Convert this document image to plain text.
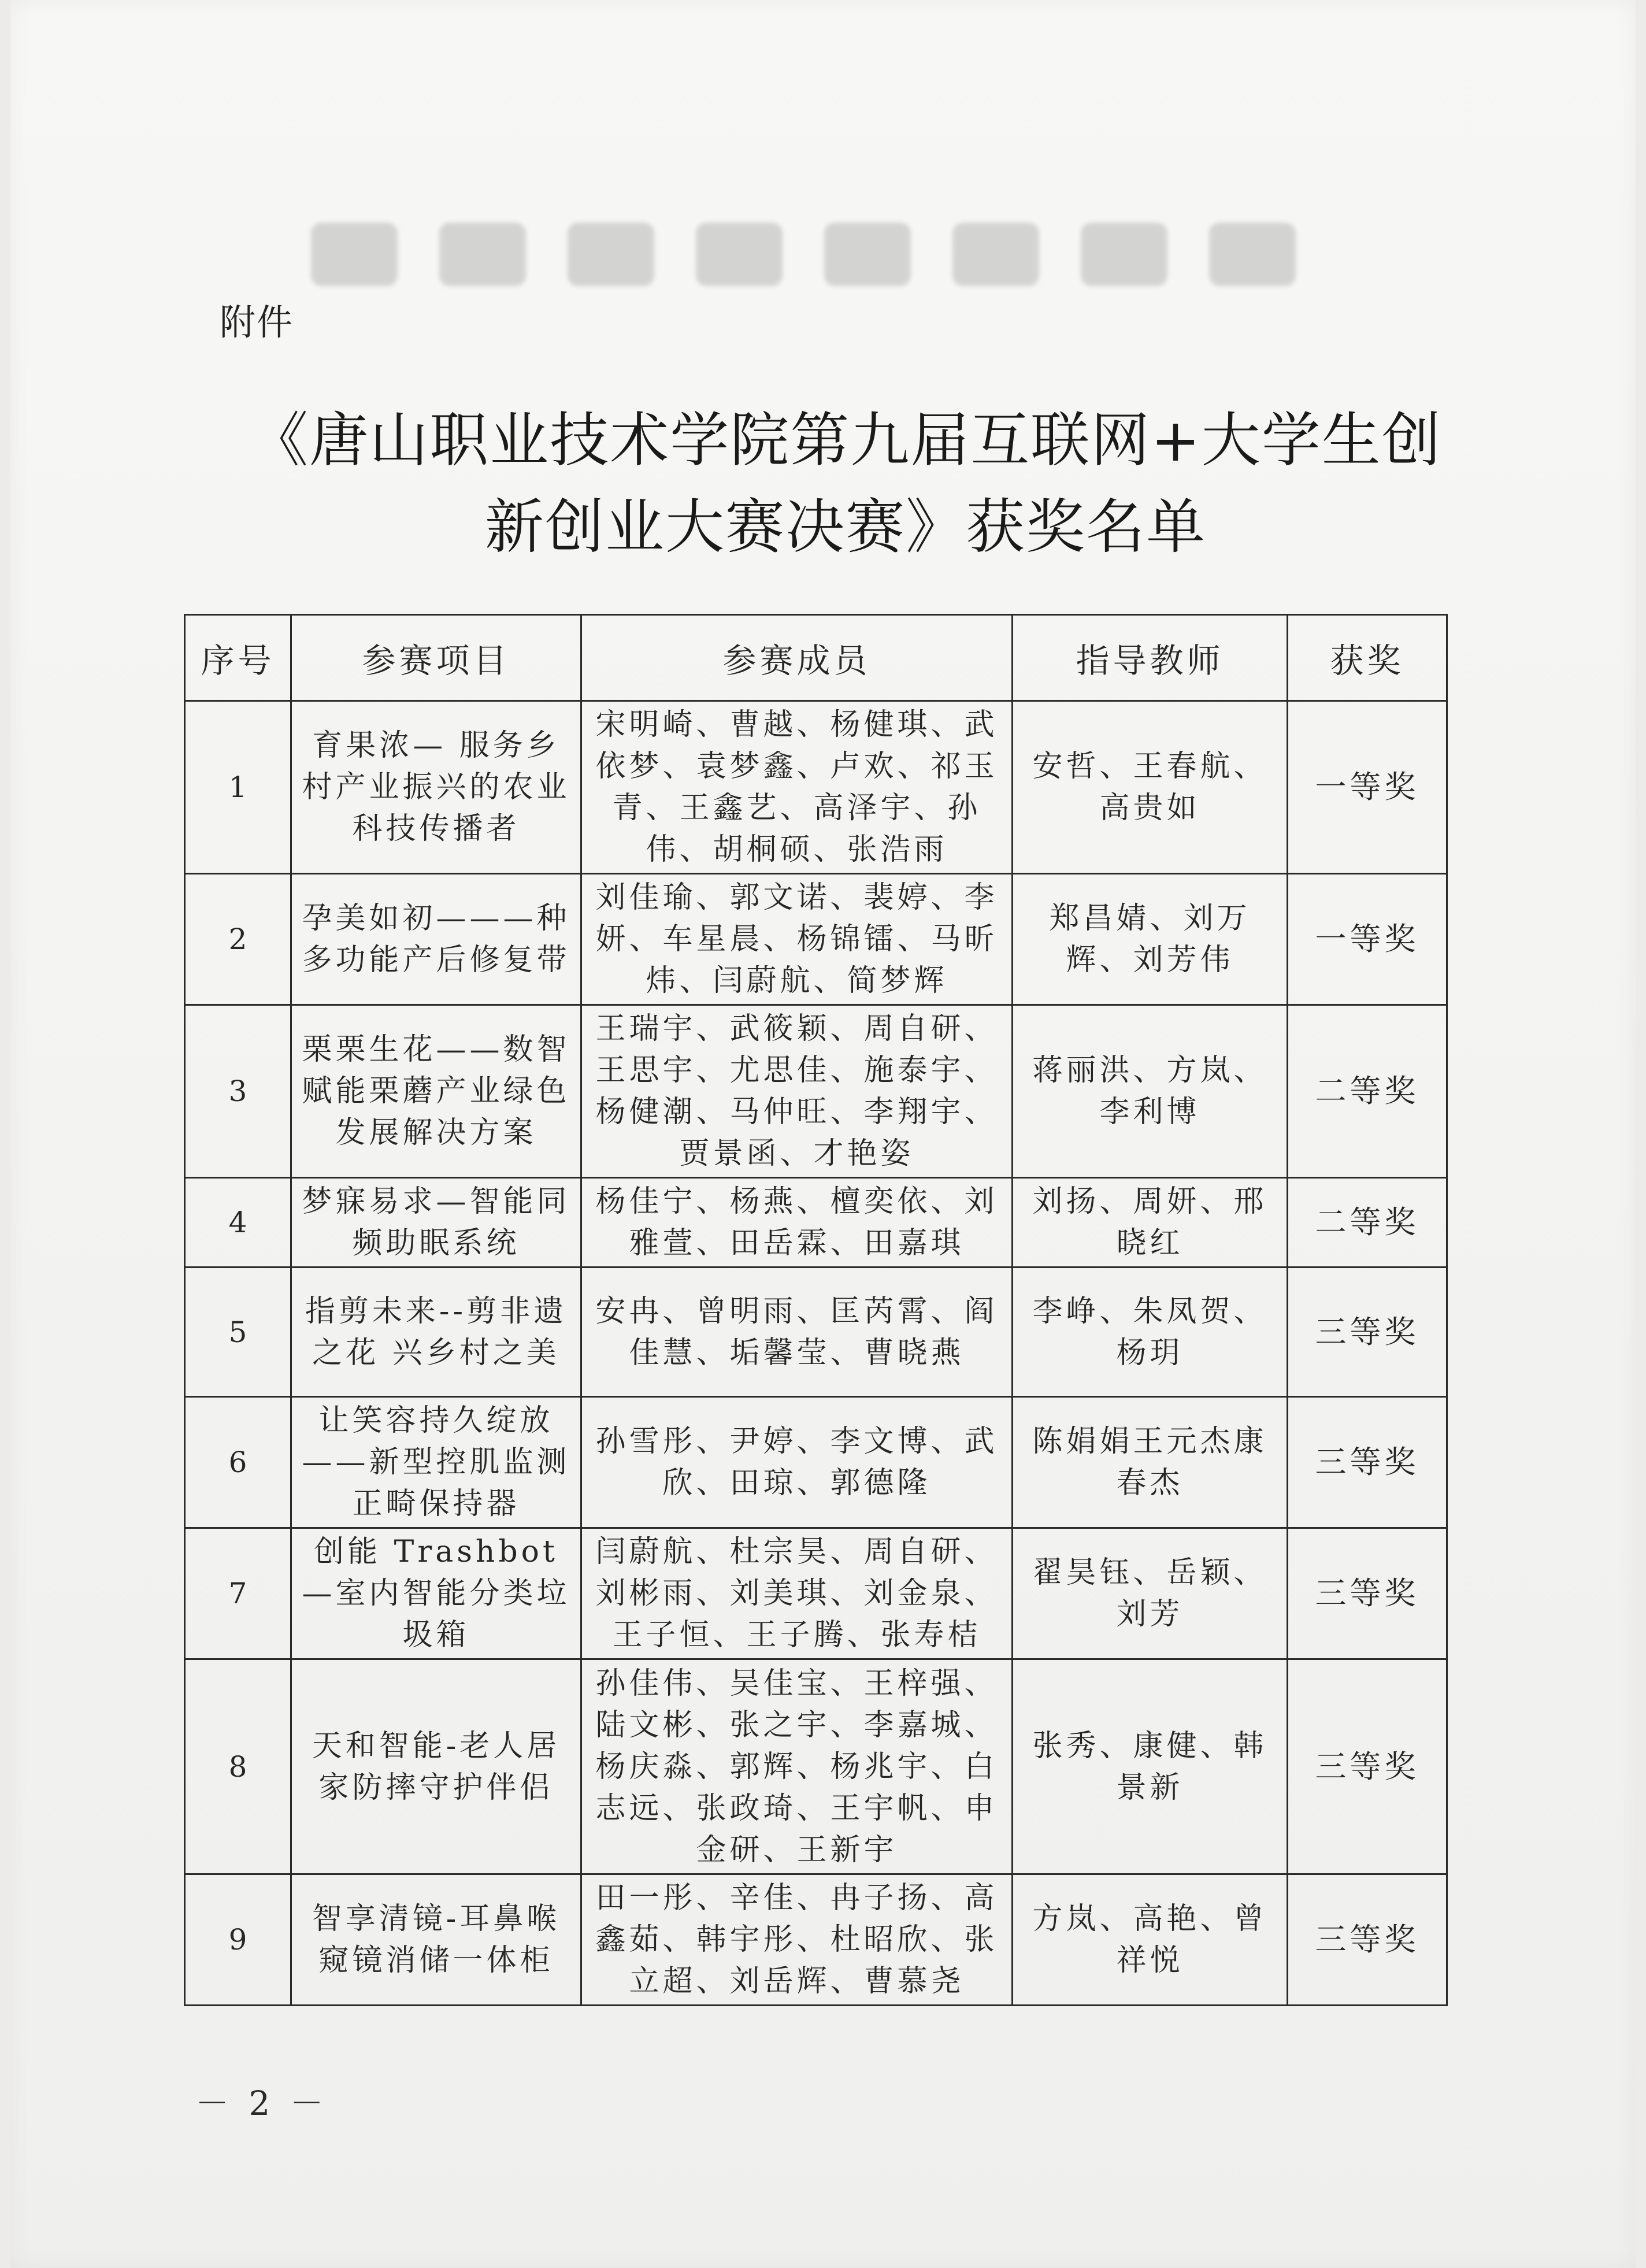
附件
《唐山职业技术学院第九届互联网+大学生创
新创业大赛决赛》获奖名单
序号	参赛项目	参赛成员	指导教师	获奖
1	育果浓— 服务乡村产业振兴的农业科技传播者	宋明崎、曹越、杨健琪、武依梦、袁梦鑫、卢欢、祁玉青、王鑫艺、高泽宇、孙伟、胡桐硕、张浩雨	安哲、王春航、高贵如	一等奖
2	孕美如初———种多功能产后修复带	刘佳瑜、郭文诺、裴婷、李妍、车星晨、杨锦镭、马昕炜、闫蔚航、简梦辉	郑昌婧、刘万辉、刘芳伟	一等奖
3	栗栗生花——数智赋能栗蘑产业绿色发展解决方案	王瑞宇、武筱颖、周自研、王思宇、尤思佳、施泰宇、杨健潮、马仲旺、李翔宇、贾景函、才艳姿	蒋丽洪、方岚、李利博	二等奖
4	梦寐易求—智能同频助眠系统	杨佳宁、杨燕、檀奕依、刘雅萱、田岳霖、田嘉琪	刘扬、周妍、邢晓红	二等奖
5	指剪未来--剪非遗之花 兴乡村之美	安冉、曾明雨、匡芮霄、阎佳慧、垢馨莹、曹晓燕	李峥、朱凤贺、杨玥	三等奖
6	让笑容持久绽放——新型控肌监测正畸保持器	孙雪彤、尹婷、李文博、武欣、田琼、郭德隆	陈娟娟王元杰康春杰	三等奖
7	创能 Trashbot—室内智能分类垃圾箱	闫蔚航、杜宗昊、周自研、刘彬雨、刘美琪、刘金泉、王子恒、王子腾、张寿桔	翟昊钰、岳颖、刘芳	三等奖
8	天和智能-老人居家防摔守护伴侣	孙佳伟、吴佳宝、王梓强、陆文彬、张之宇、李嘉城、杨庆淼、郭辉、杨兆宇、白志远、张政琦、王宇帆、申金研、王新宇	张秀、康健、韩景新	三等奖
9	智享清镜-耳鼻喉窥镜消储一体柜	田一彤、辛佳、冉子扬、高鑫茹、韩宇彤、杜昭欣、张立超、刘岳辉、曹慕尧	方岚、高艳、曾祥悦	三等奖
－ 2 －
